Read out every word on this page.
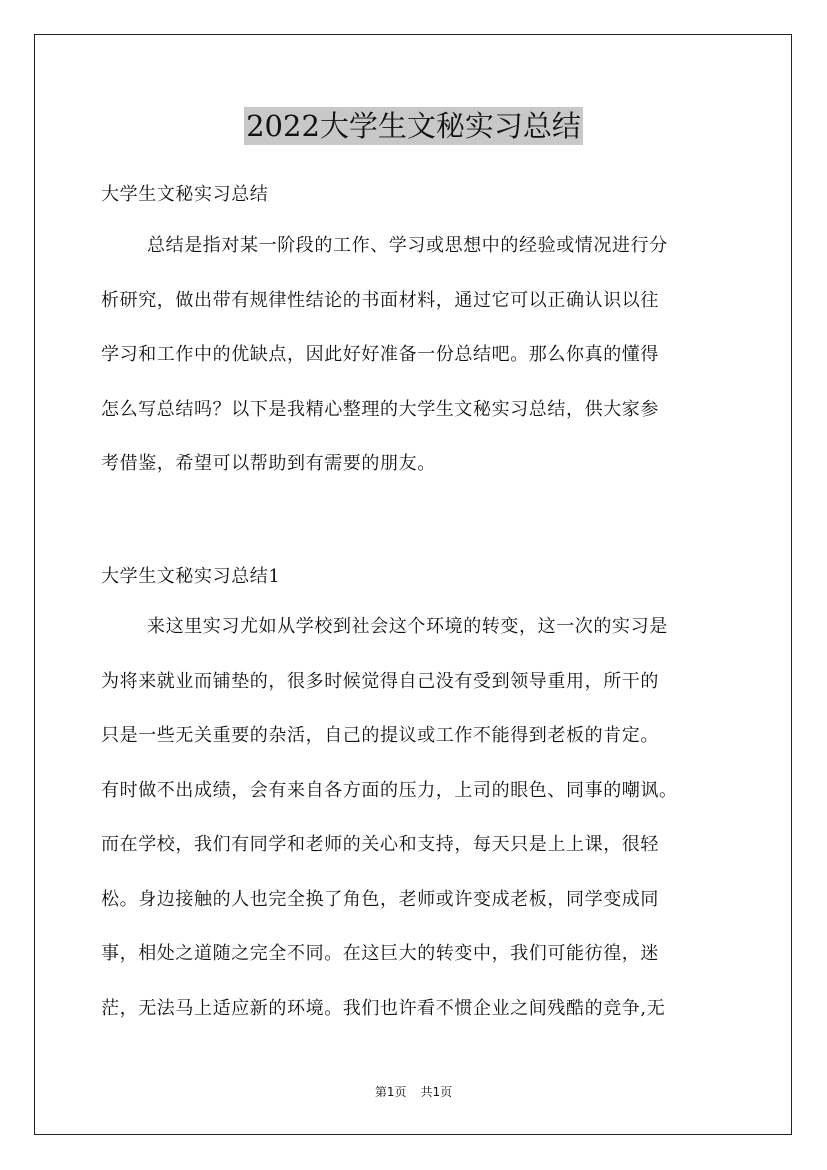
2022大学生文秘实习总结
大学生文秘实习总结
总结是指对某一阶段的工作、学习或思想中的经验或情况进行分
析研究，做出带有规律性结论的书面材料，通过它可以正确认识以往
学习和工作中的优缺点，因此好好准备一份总结吧。那么你真的懂得
怎么写总结吗？以下是我精心整理的大学生文秘实习总结，供大家参
考借鉴，希望可以帮助到有需要的朋友。
大学生文秘实习总结1
来这里实习尤如从学校到社会这个环境的转变，这一次的实习是
为将来就业而铺垫的，很多时候觉得自己没有受到领导重用，所干的
只是一些无关重要的杂活，自己的提议或工作不能得到老板的肯定。
有时做不出成绩，会有来自各方面的压力，上司的眼色、同事的嘲讽。
而在学校，我们有同学和老师的关心和支持，每天只是上上课，很轻
松。身边接触的人也完全换了角色，老师或许变成老板，同学变成同
事，相处之道随之完全不同。在这巨大的转变中，我们可能彷徨，迷
茫，无法马上适应新的环境。我们也许看不惯企业之间残酷的竞争,无
第1页 共1页
